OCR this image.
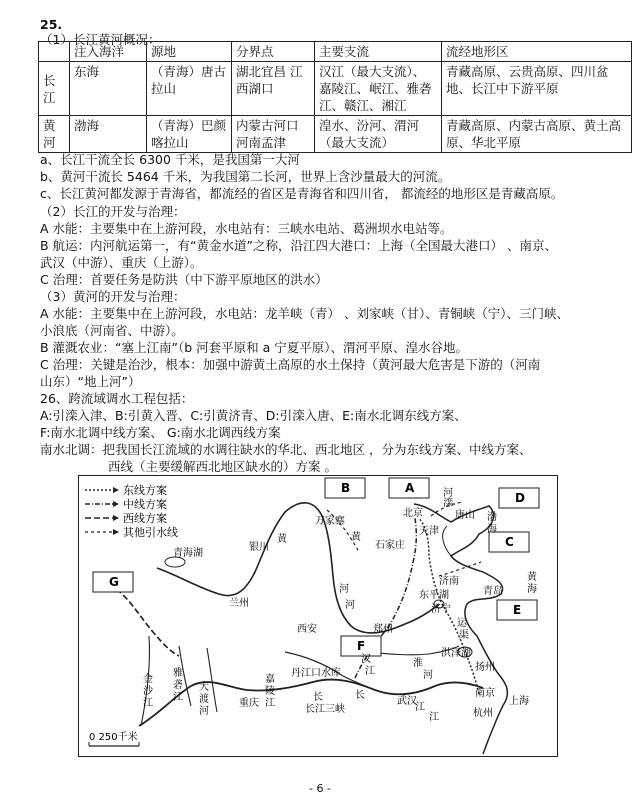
25.
（1）长江黄河概况：
	注入海洋	源地	分界点	主要支流	流经地形区
长江	东海	（青海）唐古拉山	湖北宜昌 江西湖口	汉江（最大支流）、嘉陵江、岷江、雅砻江、赣江、湘江	青藏高原、云贵高原、四川盆地、长江中下游平原
黄河	渤海	（青海）巴颜喀拉山	内蒙古河口 河南孟津	湟水、汾河、渭河（最大支流）	青藏高原、内蒙古高原、黄土高原、华北平原
a、长江干流全长 6300 千米，是我国第一大河
b、黄河干流长 5464 千米，为我国第二长河，世界上含沙量最大的河流。
c、长江黄河都发源于青海省，都流经的省区是青海省和四川省， 都流经的地形区是青藏高原。
（2）长江的开发与治理：
A 水能：主要集中在上游河段，水电站有：三峡水电站、葛洲坝水电站等。
B 航运：内河航运第一，有“黄金水道”之称，沿江四大港口：上海（全国最大港口） 、南京、
武汉（中游）、重庆（上游）。
C 治理：首要任务是防洪（中下游平原地区的洪水）
（3）黄河的开发与治理：
A 水能：主要集中在上游河段，水电站：龙羊峡（青） 、刘家峡（甘）、青铜峡（宁）、三门峡、
小浪底（河南省、中游）。
B 灌溉农业：“塞上江南”（b 河套平原和 a 宁夏平原）、渭河平原、湟水谷地。
C 治理：关键是治沙，根本：加强中游黄土高原的水土保持（黄河最大危害是下游的（河南
山东）“地上河”）
26、跨流域调水工程包括：
A:引滦入津、B:引黄入晋、C:引黄济青、D:引滦入唐、E:南水北调东线方案、
F:南水北调中线方案、 G:南水北调西线方案
南水北调：把我国长江流域的水调往缺水的华北、西北地区 ，分为东线方案、中线方案、
西线（主要缓解西北地区缺水的）方案 。
东线方案
中线方案
西线方案
其他引水线
B	A
C
D
E
F
G
万家寨
银川
青海湖
兰州
西安	郑州
石家庄
北京
天津
唐山
济南
东平湖
济宁
青岛
洪泽湖
扬州
南京
杭州
上海
武汉
重庆
长江三峡
丹江口水库
黄
河
黄
河
长
江
长
江
淮
河
汉
江
嘉
陵
江
金
沙
江
大
渡
河
雅
砻
江
运
渠
滦
河
渤
海
黄
海
0 250千米
- 6 -
